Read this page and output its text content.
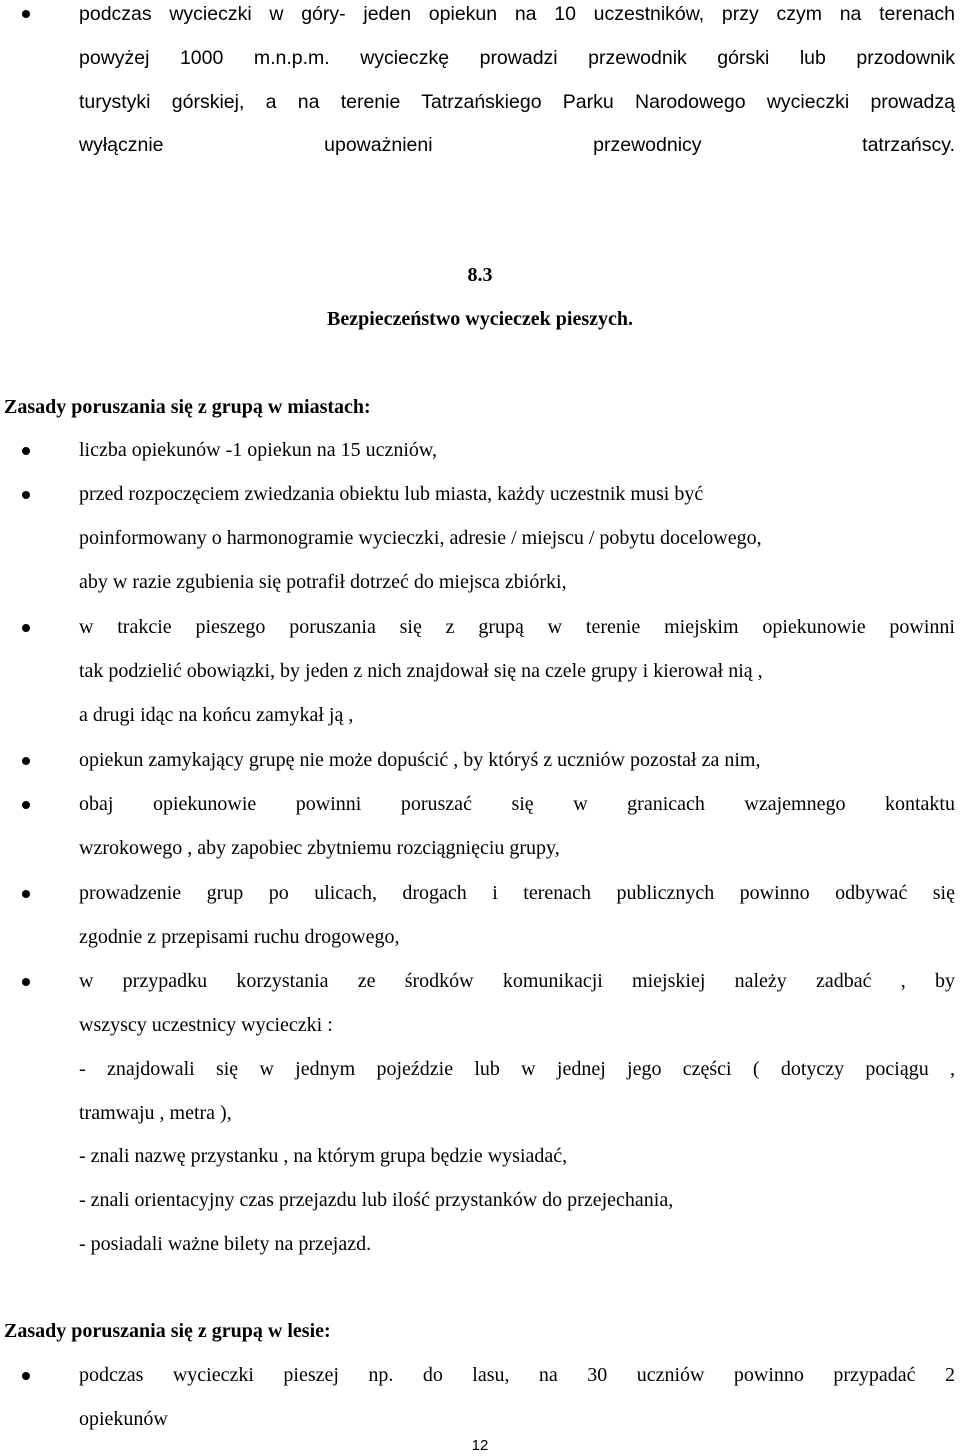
podczas wycieczki w góry- jeden opiekun na 10 uczestników, przy czym na terenach
powyżej 1000 m.n.p.m. wycieczkę prowadzi przewodnik górski lub przodownik
turystyki górskiej, a na terenie Tatrzańskiego Parku Narodowego wycieczki prowadzą
wyłącznie upoważnieni przewodnicy tatrzańscy.
8.3
Bezpieczeństwo wycieczek pieszych.
Zasady poruszania się z grupą w miastach:
liczba opiekunów -1 opiekun na 15 uczniów,
przed rozpoczęciem zwiedzania obiektu lub miasta, każdy uczestnik musi być
poinformowany o harmonogramie wycieczki, adresie / miejscu / pobytu docelowego,
aby w razie zgubienia się potrafił dotrzeć do miejsca zbiórki,
w trakcie pieszego poruszania się z grupą w terenie miejskim opiekunowie powinni
tak podzielić obowiązki, by jeden z nich znajdował się na czele grupy i kierował nią ,
a drugi idąc na końcu zamykał ją ,
opiekun zamykający grupę nie może dopuścić , by któryś z uczniów pozostał za nim,
obaj opiekunowie powinni poruszać się w granicach wzajemnego kontaktu
wzrokowego , aby zapobiec zbytniemu rozciągnięciu grupy,
prowadzenie grup po ulicach, drogach i terenach publicznych powinno odbywać się
zgodnie z przepisami ruchu drogowego,
w przypadku korzystania ze środków komunikacji miejskiej należy zadbać , by
wszyscy uczestnicy wycieczki :
- znajdowali się w jednym pojeździe lub w jednej jego części ( dotyczy pociągu ,
tramwaju , metra ),
- znali nazwę przystanku , na którym grupa będzie wysiadać,
- znali orientacyjny czas przejazdu lub ilość przystanków do przejechania,
- posiadali ważne bilety na przejazd.
Zasady poruszania się z grupą w lesie:
podczas wycieczki pieszej np. do lasu, na 30 uczniów powinno przypadać 2
opiekunów
12
